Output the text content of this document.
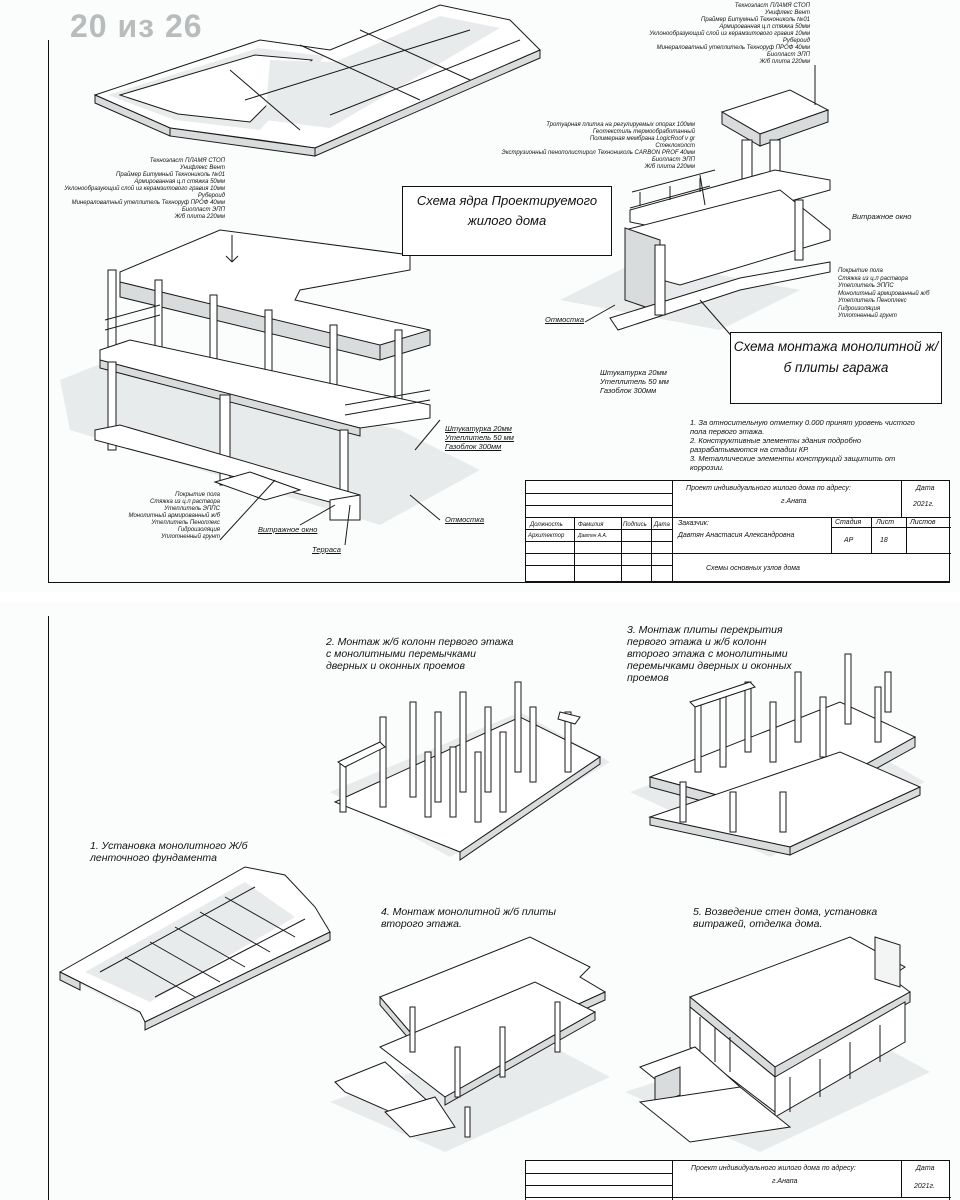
20 из 26
Техноэласт ПЛАМЯ СТОП
Унифлекс Вент
Праймер Битумный Технониколь №01
Армированная ц.п стяжка 50мм
Уклонообразующий слой из керамзитового гравия 10мм
Рубероид
Минераловатный утеплитель Техноруф ПРОФ 40мм
Биопласт ЭПП
Ж/б плита 220мм
Тротуарная плитка на регулируемых опорах 100мм
Геотекстиль термообработанный
Полимерная мембрана LogicRoof v gr
Стеклохолст
Экструзионный пенополистирол Технониколь CARBON PROF 40мм
Биопласт ЭПП
Ж/б плита 220мм
Техноэласт ПЛАМЯ СТОП
Унифлекс Вент
Праймер Битумный Технониколь №01
Армированная ц.п стяжка 50мм
Уклонообразующий слой из керамзитового гравия 10мм
Рубероид
Минераловатный утеплитель Техноруф ПРОФ 40мм
Биопласт ЭПП
Ж/б плита 220мм
Схема ядра Проектируемого жилого дома
Схема монтажа монолитной ж/б плиты гаража
Витражное окно
Отмостка
Витражное окно
Терраса
Отмостка
Покрытие пола
Стяжка из ц.п раствора
Утеплитель ЭППС
Монолитный армированный ж/б
Утеплитель Пеноплекс
Гидроизоляция
Уплотненный грунт
Покрытие пола
Стяжка из ц.п раствора
Утеплитель ЭППС
Монолитный армированный ж/б
Утеплитель Пеноплекс
Гидроизоляция
Уплотненный грунт
Штукатурка 20мм
Утеплитель 50 мм
Газоблок 300мм
Штукатурка 20мм
Утеплитель 50 мм
Газоблок 300мм
1. За относительную отметку 0.000 принят уровень чистого пола первого этажа.
2. Конструктивные элементы здания подробно разрабатываются на стадии КР.
3. Металлические элементы конструкций защитить от коррозии.
Проект индивидуального жилого дома по адресу:
г.Анапа
Дата
2021г.
Должность	Фамилия	Подпись Дата
Архитектор	Давтян А.А.
Заказчик:
Давтян Анастасия Александровна
Стадия Лист Листов
АР	18
Схемы основных узлов дома
1. Установка монолитного Ж/б ленточного фундамента
2. Монтаж ж/б колонн первого этажа с монолитными перемычками дверных и оконных проемов
3. Монтаж плиты перекрытия первого этажа и ж/б колонн второго этажа с монолитными перемычками дверных и оконных проемов
4. Монтаж монолитной ж/б плиты второго этажа.
5. Возведение стен дома, установка витражей, отделка дома.
Проект индивидуального жилого дома по адресу:
г.Анапа
Дата
2021г.
